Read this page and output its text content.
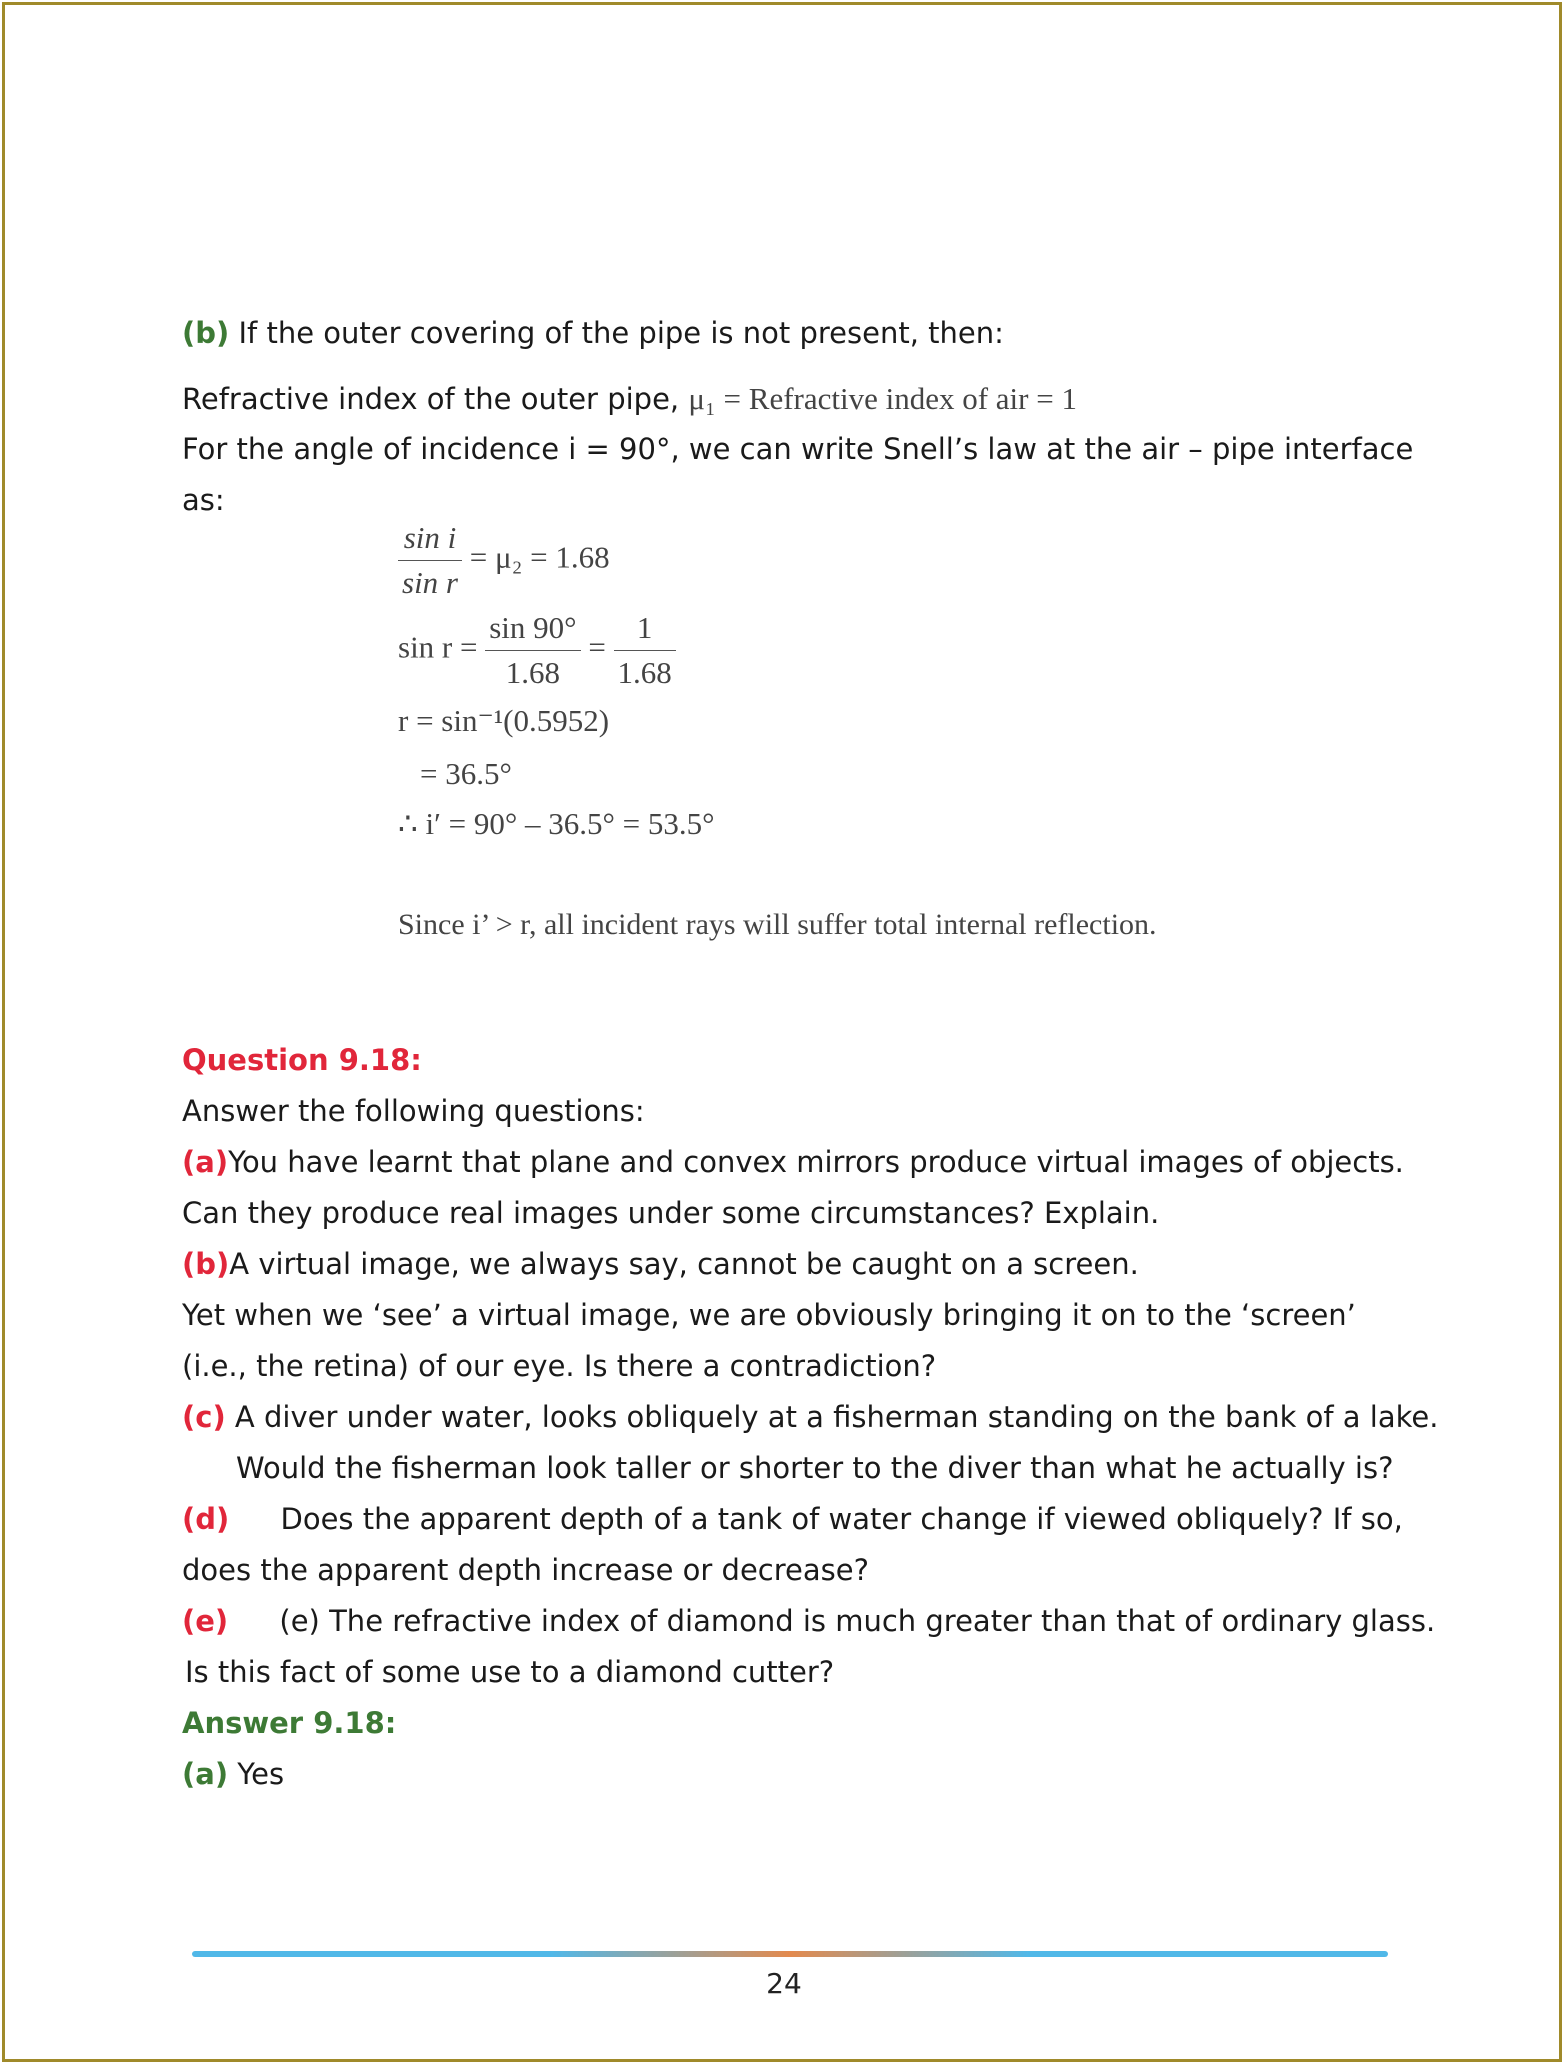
(b) If the outer covering of the pipe is not present, then:
Refractive index of the outer pipe, μ₁ = Refractive index of air = 1
For the angle of incidence i = 90°, we can write Snell’s law at the air – pipe interface
as:
$\frac{\text{sin i}}{\text{sin r}} = \mu_2 = 1.68$
$\sin r = \frac{\sin 90^\circ}{1.68} = \frac{1}{1.68}$
r = sin⁻¹(0.5952)
= 36.5°
∴ i′ = 90° – 36.5° = 53.5°
Since i’ > r, all incident rays will suffer total internal reflection.
Question 9.18:
Answer the following questions:
(a)You have learnt that plane and convex mirrors produce virtual images of objects.
Can they produce real images under some circumstances? Explain.
(b)A virtual image, we always say, cannot be caught on a screen.
Yet when we ‘see’ a virtual image, we are obviously bringing it on to the ‘screen’
(i.e., the retina) of our eye. Is there a contradiction?
(c) A diver under water, looks obliquely at a fisherman standing on the bank of a lake.
Would the fisherman look taller or shorter to the diver than what he actually is?
(d) Does the apparent depth of a tank of water change if viewed obliquely? If so,
does the apparent depth increase or decrease?
(e) (e) The refractive index of diamond is much greater than that of ordinary glass.
Is this fact of some use to a diamond cutter?
Answer 9.18:
(a) Yes
24
